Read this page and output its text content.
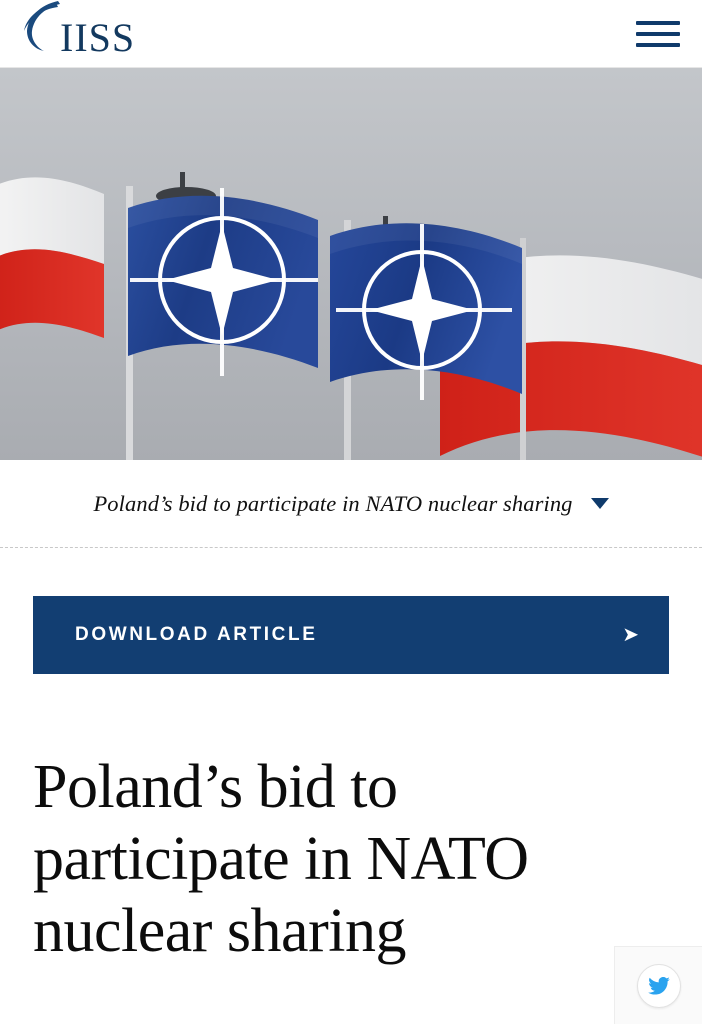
IISS
Poland’s bid to participate in NATO nuclear sharing
DOWNLOAD ARTICLE	➤
Poland’s bid to participate in NATO nuclear sharing
